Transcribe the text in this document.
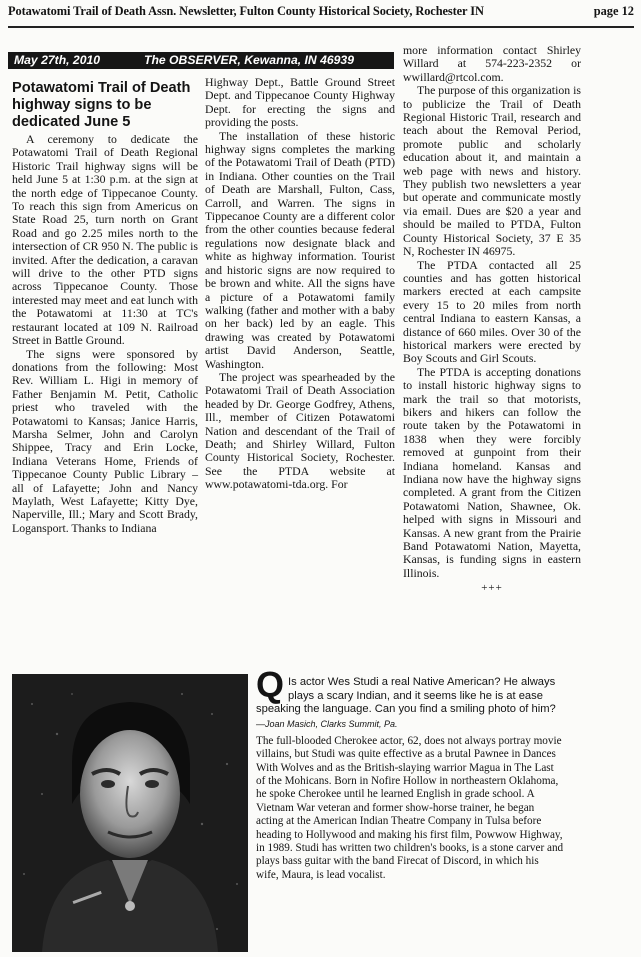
Potawatomi Trail of Death Assn. Newsletter, Fulton County Historical Society, Rochester IN	page 12
May 27th, 2010	The OBSERVER, Kewanna, IN 46939
Potawatomi Trail of Death highway signs to be dedicated June 5

A ceremony to dedicate the Potawatomi Trail of Death Regional Historic Trail highway signs will be held June 5 at 1:30 p.m. at the sign at the north edge of Tippecanoe County. To reach this sign from Americus on State Road 25, turn north on Grant Road and go 2.25 miles north to the intersection of CR 950 N. The public is invited. After the dedication, a caravan will drive to the other PTD signs across Tippecanoe County. Those interested may meet and eat lunch with the Potawatomi at 11:30 at TC's restaurant located at 109 N. Railroad Street in Battle Ground.

The signs were sponsored by donations from the following: Most Rev. William L. Higi in memory of Father Benjamin M. Petit, Catholic priest who traveled with the Potawatomi to Kansas; Janice Harris, Marsha Selmer, John and Carolyn Shippee, Tracy and Erin Locke, Indiana Veterans Home, Friends of Tippecanoe County Public Library – all of Lafayette; John and Nancy Maylath, West Lafayette; Kitty Dye, Naperville, Ill.; Mary and Scott Brady, Logansport. Thanks to Indiana

Highway Dept., Battle Ground Street Dept. and Tippecanoe County Highway Dept. for erecting the signs and providing the posts.

The installation of these historic highway signs completes the marking of the Potawatomi Trail of Death (PTD) in Indiana. Other counties on the Trail of Death are Marshall, Fulton, Cass, Carroll, and Warren. The signs in Tippecanoe County are a different color from the other counties because federal regulations now designate black and white as highway information. Tourist and historic signs are now required to be brown and white. All the signs have a picture of a Potawatomi family walking (father and mother with a baby on her back) led by an eagle. This drawing was created by Potawatomi artist David Anderson, Seattle, Washington.

The project was spearheaded by the Potawatomi Trail of Death Association headed by Dr. George Godfrey, Athens, Ill., member of Citizen Potawatomi Nation and descendant of the Trail of Death; and Shirley Willard, Fulton County Historical Society, Rochester. See the PTDA website at www.potawatomi-tda.org. For

more information contact Shirley Willard at 574-223-2352 or wwillard@rtcol.com.

The purpose of this organization is to publicize the Trail of Death Regional Historic Trail, research and teach about the Removal Period, promote public and scholarly education about it, and maintain a web page with news and history. They publish two newsletters a year but operate and communicate mostly via email. Dues are $20 a year and should be mailed to PTDA, Fulton County Historical Society, 37 E 35 N, Rochester IN 46975.

The PTDA contacted all 25 counties and has gotten historical markers erected at each campsite every 15 to 20 miles from north central Indiana to eastern Kansas, a distance of 660 miles. Over 30 of the historical markers were erected by Boy Scouts and Girl Scouts.

The PTDA is accepting donations to install historic highway signs to mark the trail so that motorists, bikers and hikers can follow the route taken by the Potawatomi in 1838 when they were forcibly removed at gunpoint from their Indiana homeland. Kansas and Indiana now have the highway signs completed. A grant from the Citizen Potawatomi Nation, Shawnee, Ok. helped with signs in Missouri and Kansas. A new grant from the Prairie Band Potawatomi Nation, Mayetta, Kansas, is funding signs in eastern Illinois.

+++
Q Is actor Wes Studi a real Native American? He always plays a scary Indian, and it seems like he is at ease speaking the language. Can you find a smiling photo of him?
—Joan Masich, Clarks Summit, Pa.
The full-blooded Cherokee actor, 62, does not always portray movie villains, but Studi was quite effective as a brutal Pawnee in Dances With Wolves and as the British-slaying warrior Magua in The Last of the Mohicans. Born in Nofire Hollow in northeastern Oklahoma, he spoke Cherokee until he learned English in grade school. A Vietnam War veteran and former show-horse trainer, he began acting at the American Indian Theatre Company in Tulsa before heading to Hollywood and making his first film, Powwow Highway, in 1989. Studi has written two children's books, is a stone carver and plays bass guitar with the band Firecat of Discord, in which his wife, Maura, is lead vocalist.
